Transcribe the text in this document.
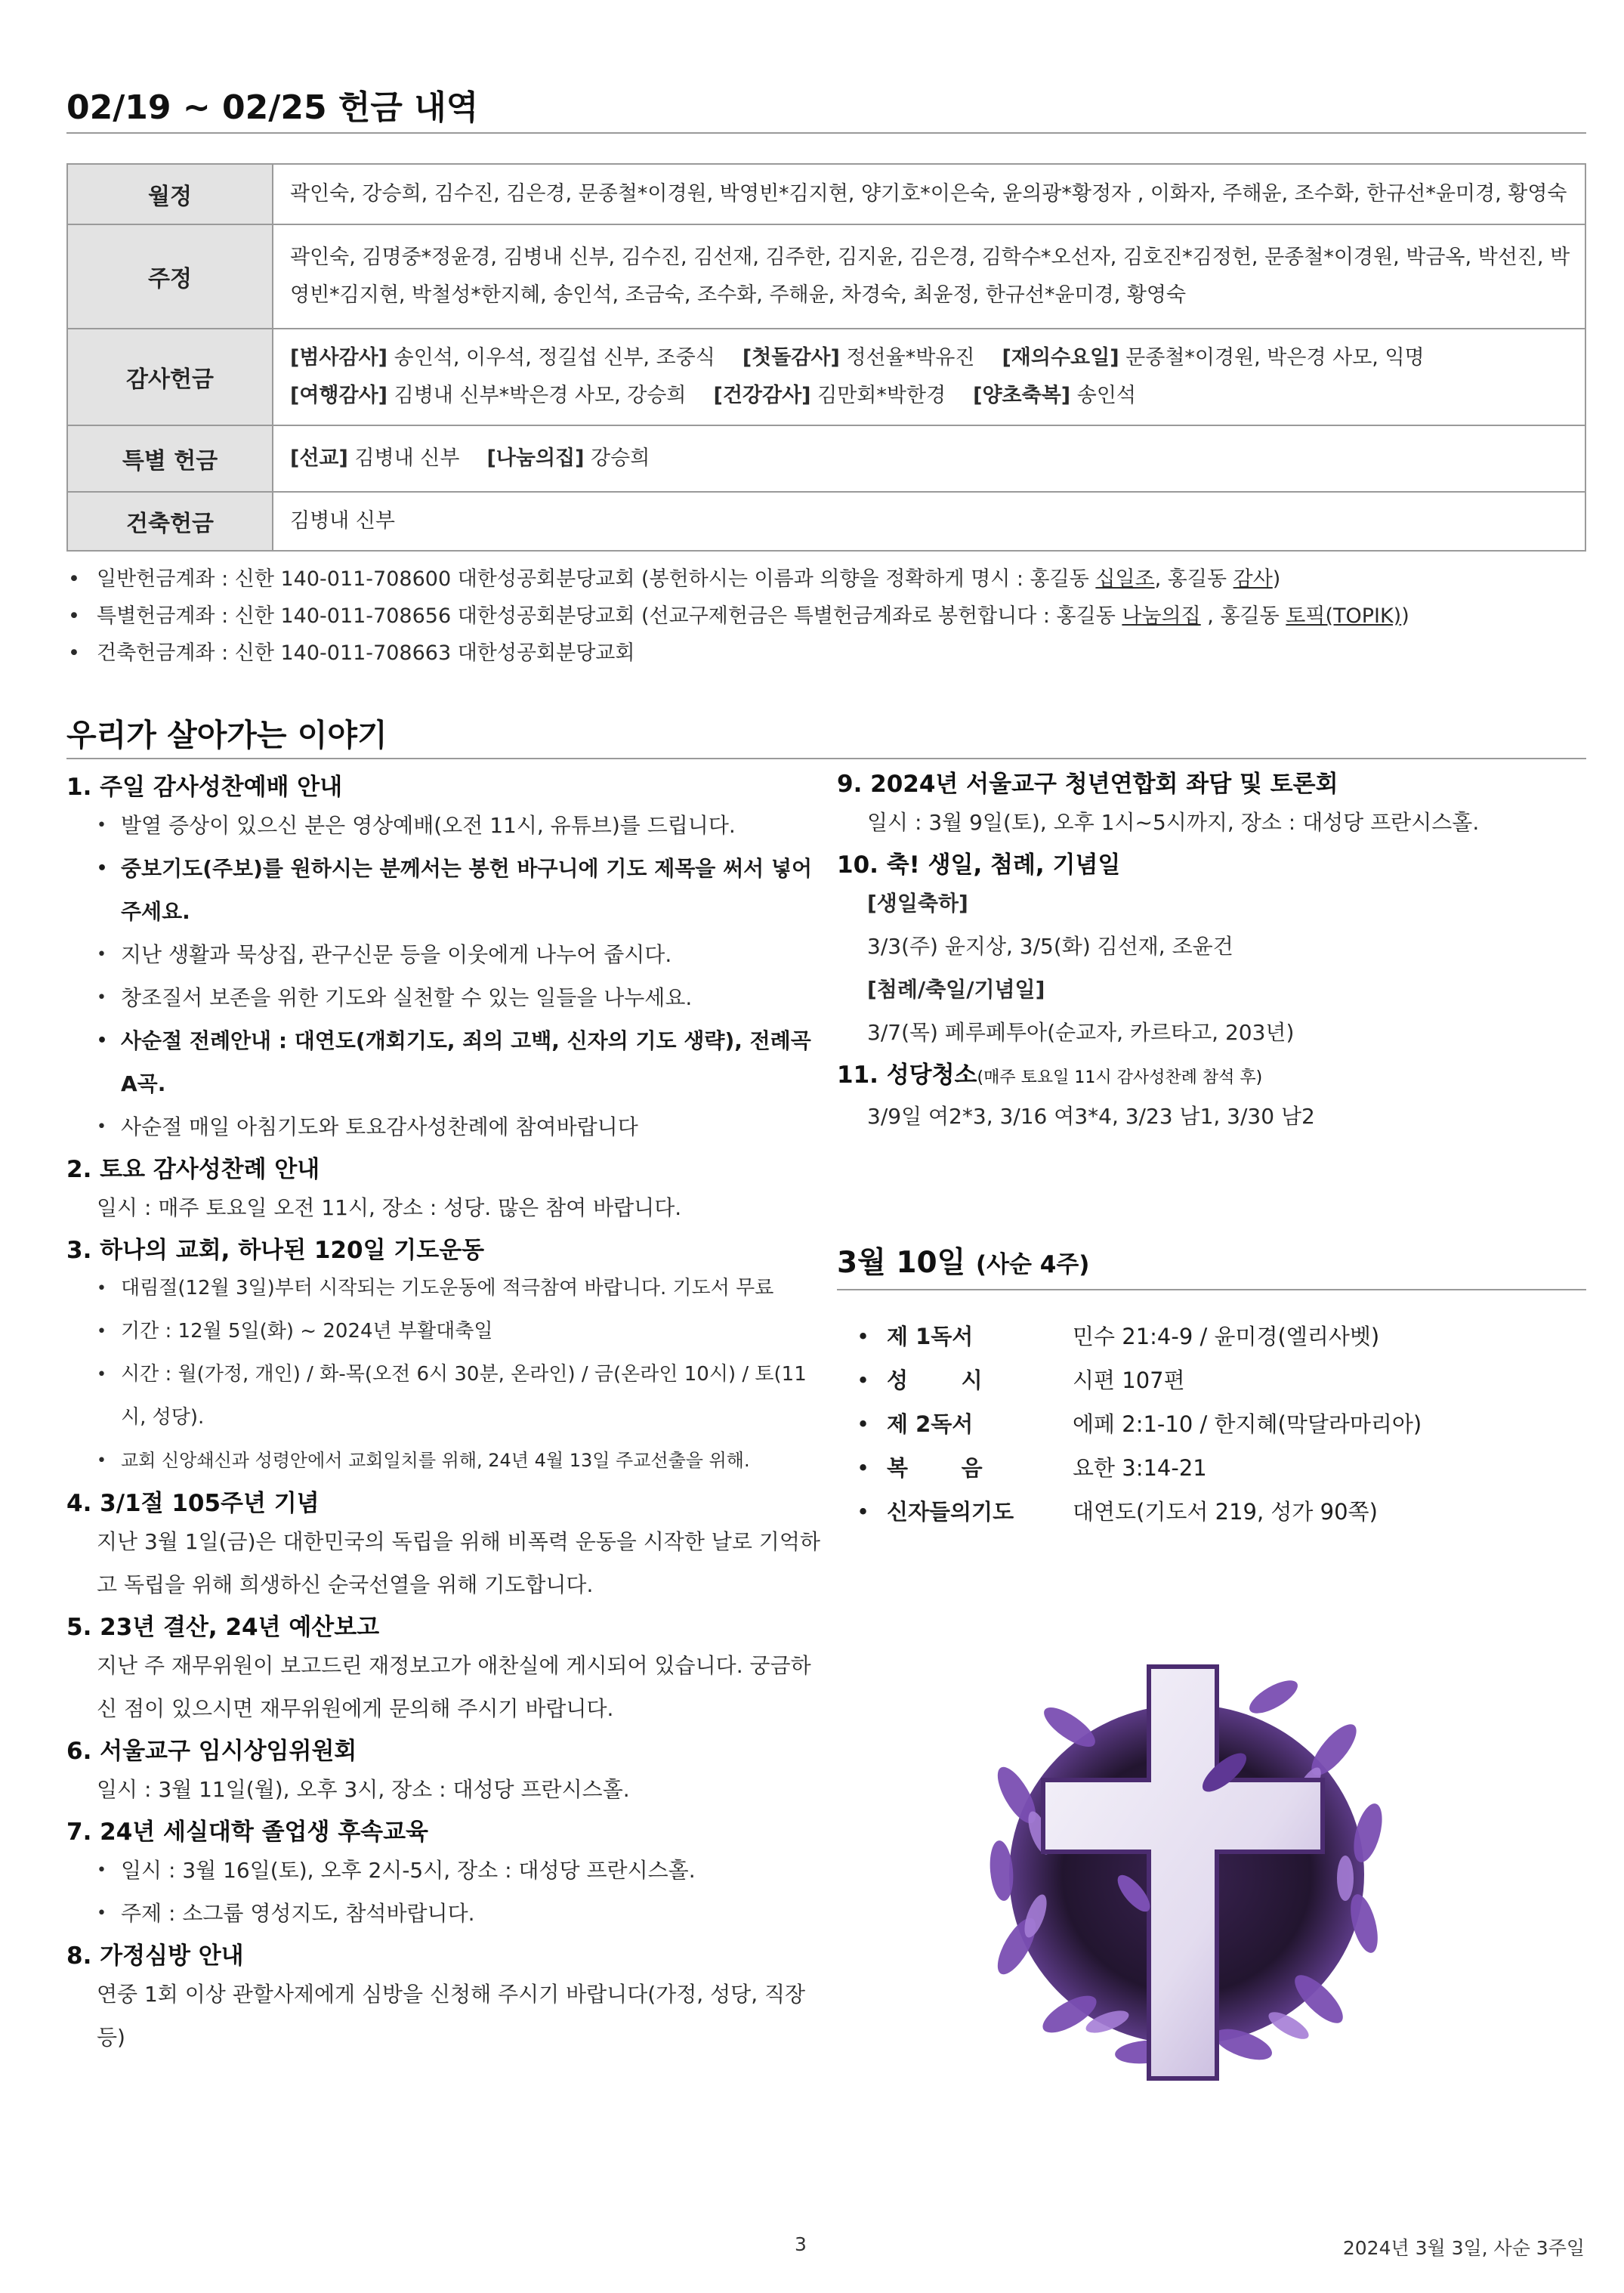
02/19 ~ 02/25 헌금 내역
월정	곽인숙, 강승희, 김수진, 김은경, 문종철*이경원, 박영빈*김지현, 양기호*이은숙, 윤의광*황정자 , 이화자, 주해윤, 조수화, 한규선*윤미경, 황영숙
주정	곽인숙, 김명중*정윤경, 김병내 신부, 김수진, 김선재, 김주한, 김지윤, 김은경, 김학수*오선자, 김호진*김정헌, 문종철*이경원, 박금옥, 박선진, 박영빈*김지현, 박철성*한지혜, 송인석, 조금숙, 조수화, 주해윤, 차경숙, 최윤정, 한규선*윤미경, 황영숙
감사헌금	[범사감사] 송인석, 이우석, 정길섭 신부, 조중식 [첫돌감사] 정선율*박유진 [재의수요일] 문종철*이경원, 박은경 사모, 익명
[여행감사] 김병내 신부*박은경 사모, 강승희 [건강감사] 김만회*박한경 [양초축복] 송인석

특별 헌금	[선교] 김병내 신부 [나눔의집] 강승희
건축헌금	김병내 신부
• 일반헌금계좌 : 신한 140-011-708600 대한성공회분당교회 (봉헌하시는 이름과 의향을 정확하게 명시 : 홍길동 십일조, 홍길동 감사)
• 특별헌금계좌 : 신한 140-011-708656 대한성공회분당교회 (선교구제헌금은 특별헌금계좌로 봉헌합니다 : 홍길동 나눔의집 , 홍길동 토픽(TOPIK))
• 건축헌금계좌 : 신한 140-011-708663 대한성공회분당교회
우리가 살아가는 이야기
1. 주일 감사성찬예배 안내
• 발열 증상이 있으신 분은 영상예배(오전 11시, 유튜브)를 드립니다.
• 중보기도(주보)를 원하시는 분께서는 봉헌 바구니에 기도 제목을 써서 넣어주세요.
• 지난 생활과 묵상집, 관구신문 등을 이웃에게 나누어 줍시다.
• 창조질서 보존을 위한 기도와 실천할 수 있는 일들을 나누세요.
• 사순절 전례안내 : 대연도(개회기도, 죄의 고백, 신자의 기도 생략), 전례곡 A곡.
• 사순절 매일 아침기도와 토요감사성찬례에 참여바랍니다
2. 토요 감사성찬례 안내
일시 : 매주 토요일 오전 11시, 장소 : 성당. 많은 참여 바랍니다.
3. 하나의 교회, 하나된 120일 기도운동
• 대림절(12월 3일)부터 시작되는 기도운동에 적극참여 바랍니다. 기도서 무료
• 기간 : 12월 5일(화) ~ 2024년 부활대축일
• 시간 : 월(가정, 개인) / 화-목(오전 6시 30분, 온라인) / 금(온라인 10시) / 토(11시, 성당).
• 교회 신앙쇄신과 성령안에서 교회일치를 위해, 24년 4월 13일 주교선출을 위해.
4. 3/1절 105주년 기념
지난 3월 1일(금)은 대한민국의 독립을 위해 비폭력 운동을 시작한 날로 기억하고 독립을 위해 희생하신 순국선열을 위해 기도합니다.
5. 23년 결산, 24년 예산보고
지난 주 재무위원이 보고드린 재정보고가 애찬실에 게시되어 있습니다. 궁금하신 점이 있으시면 재무위원에게 문의해 주시기 바랍니다.
6. 서울교구 임시상임위원회
일시 : 3월 11일(월), 오후 3시, 장소 : 대성당 프란시스홀.
7. 24년 세실대학 졸업생 후속교육
• 일시 : 3월 16일(토), 오후 2시-5시, 장소 : 대성당 프란시스홀.
• 주제 : 소그룹 영성지도, 참석바랍니다.
8. 가정심방 안내
연중 1회 이상 관할사제에게 심방을 신청해 주시기 바랍니다(가정, 성당, 직장 등)
9. 2024년 서울교구 청년연합회 좌담 및 토론회
일시 : 3월 9일(토), 오후 1시~5시까지, 장소 : 대성당 프란시스홀.
10. 축! 생일, 첨례, 기념일
[생일축하]
3/3(주) 윤지상, 3/5(화) 김선재, 조윤건
[첨례/축일/기념일]
3/7(목) 페루페투아(순교자, 카르타고, 203년)
11. 성당청소(매주 토요일 11시 감사성찬례 참석 후)
3/9일 여2*3, 3/16 여3*4, 3/23 남1, 3/30 남2
3월 10일 (사순 4주)
제 1독서	민수 21:4-9 / 윤미경(엘리사벳)
성       시	시편 107편
제 2독서	에페 2:1-10 / 한지혜(막달라마리아)
복       음	요한 3:14-21
신자들의기도	대연도(기도서 219, 성가 90쪽)
3	2024년 3월 3일, 사순 3주일
